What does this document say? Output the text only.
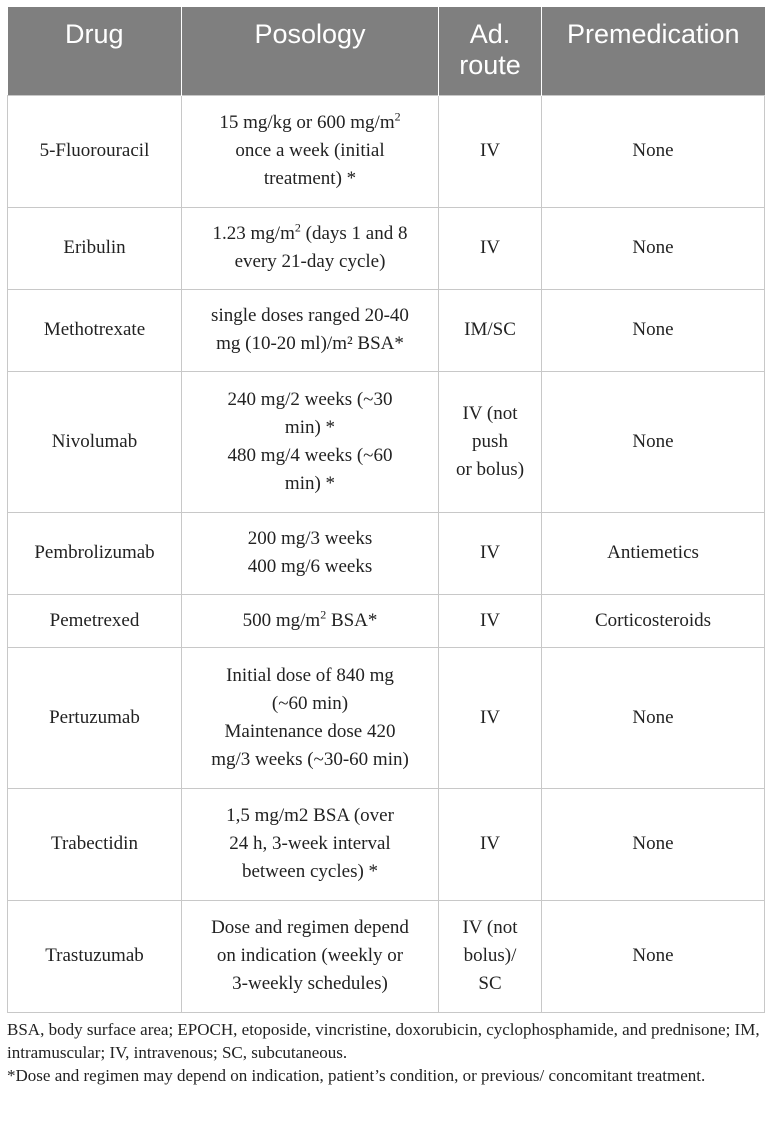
Drug	Posology	Ad. route	Premedication
5-Fluorouracil	15 mg/kg or 600 $mg/m^2$
once a week (initial
treatment) *	IV	None
Eribulin	1.23 $mg/m^2$ (days 1 and 8
every 21-day cycle)	IV	None
Methotrexate	single doses ranged 20-40
mg (10-20 ml)/m² BSA*	IM/SC	None
Nivolumab	240 mg/2 weeks (~30
min) *
480 mg/4 weeks (~60
min) *	IV (not
push
or bolus)	None
Pembrolizumab	200 mg/3 weeks
400 mg/6 weeks	IV	Antiemetics
Pemetrexed	500 $mg/m^2$ BSA*	IV	Corticosteroids
Pertuzumab	Initial dose of 840 mg
(~60 min)
Maintenance dose 420
mg/3 weeks (~30-60 min)	IV	None
Trabectidin	1,5 mg/m2 BSA (over
24 h, 3-week interval
between cycles) *	IV	None
Trastuzumab	Dose and regimen depend
on indication (weekly or
3-weekly schedules)	IV (not
bolus)/
SC	None

BSA, body surface area; EPOCH, etoposide, vincristine, doxorubicin, cyclophosphamide, and prednisone; IM, intramuscular; IV, intravenous; SC, subcutaneous.

*Dose and regimen may depend on indication, patient’s condition, or previous/ concomitant treatment.
